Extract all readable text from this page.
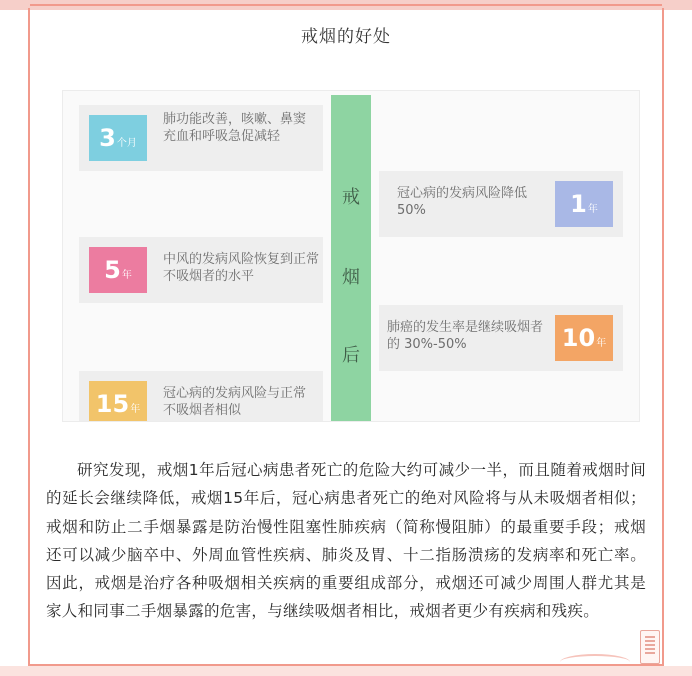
戒烟的好处
戒
烟
后
3个月
肺功能改善，咳嗽、鼻窦充血和呼吸急促减轻
5年
中风的发病风险恢复到正常不吸烟者的水平
15年
冠心病的发病风险与正常不吸烟者相似
冠心病的发病风险降低 50%	1年
肺癌的发生率是继续吸烟者的 30%-50%	10年
研究发现，戒烟1年后冠心病患者死亡的危险大约可减少一半，而且随着戒烟时间的延长会继续降低，戒烟15年后，冠心病患者死亡的绝对风险将与从未吸烟者相似；戒烟和防止二手烟暴露是防治慢性阻塞性肺疾病（简称慢阻肺）的最重要手段；戒烟还可以减少脑卒中、外周血管性疾病、肺炎及胃、十二指肠溃疡的发病率和死亡率。因此，戒烟是治疗各种吸烟相关疾病的重要组成部分，戒烟还可减少周围人群尤其是家人和同事二手烟暴露的危害，与继续吸烟者相比，戒烟者更少有疾病和残疾。
